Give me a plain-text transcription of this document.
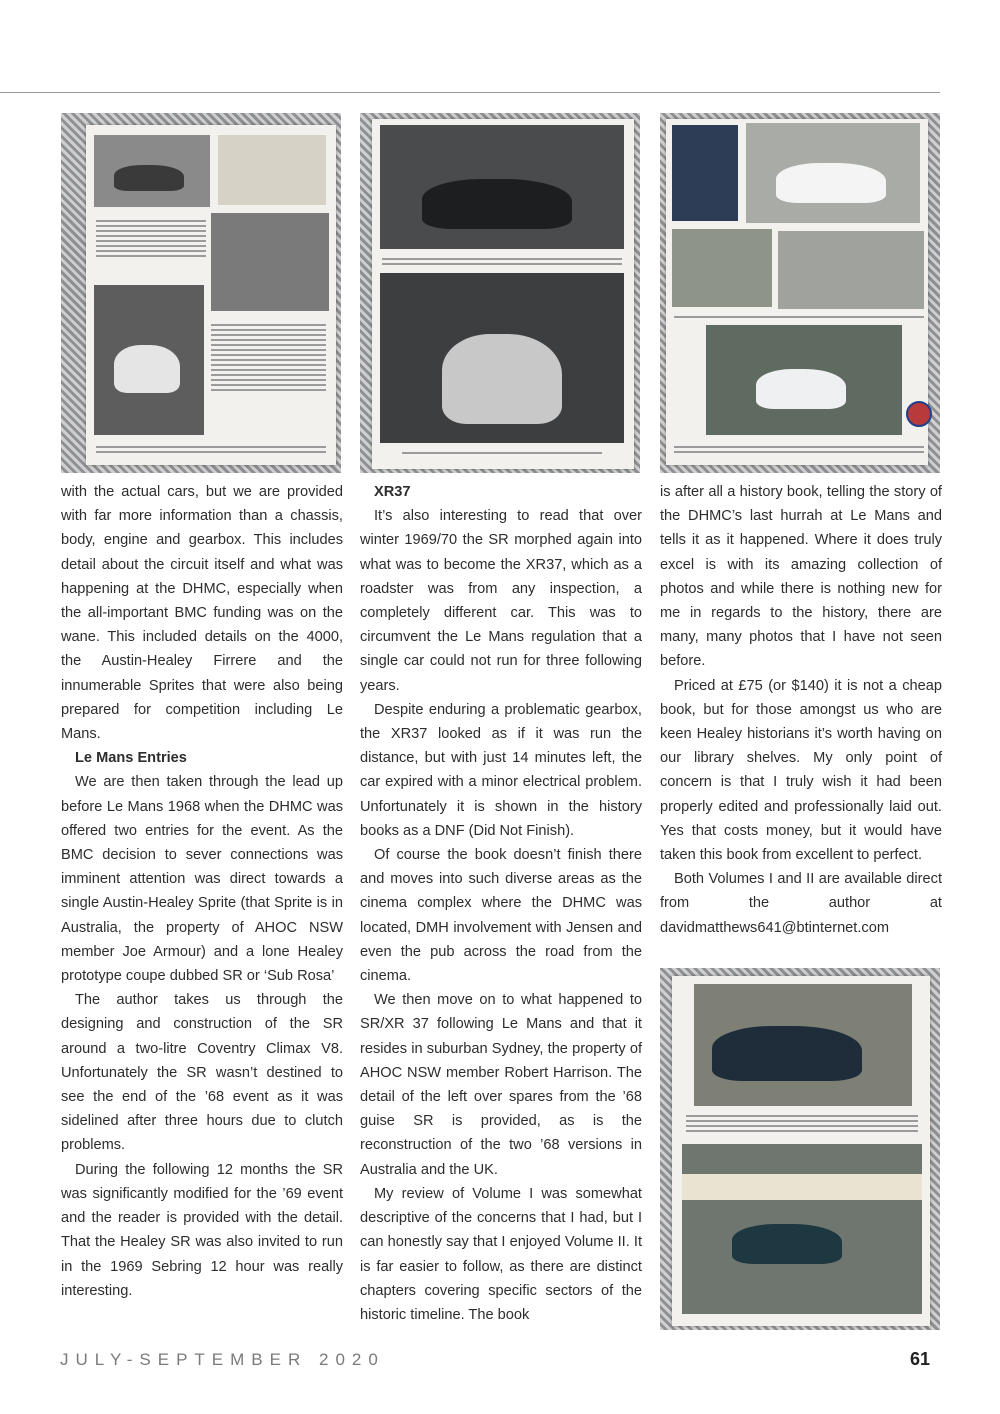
with the actual cars, but we are provided with far more information than a chassis, body, engine and gearbox. This includes detail about the circuit itself and what was happening at the DHMC, especially when the all-important BMC funding was on the wane. This included details on the 4000, the Austin-Healey Firrere and the innumerable Sprites that were also being prepared for competition including Le Mans.

Le Mans Entries

We are then taken through the lead up before Le Mans 1968 when the DHMC was offered two entries for the event. As the BMC decision to sever connections was imminent attention was direct towards a single Austin-Healey Sprite (that Sprite is in Australia, the property of AHOC NSW member Joe Armour) and a lone Healey prototype coupe dubbed SR or ‘Sub Rosa’

The author takes us through the designing and construction of the SR around a two-litre Coventry Climax V8. Unfortunately the SR wasn’t destined to see the end of the ’68 event as it was sidelined after three hours due to clutch problems.

During the following 12 months the SR was significantly modified for the ’69 event and the reader is provided with the detail. That the Healey SR was also invited to run in the 1969 Sebring 12 hour was really interesting.

XR37

It’s also interesting to read that over winter 1969/70 the SR morphed again into what was to become the XR37, which as a roadster was from any inspection, a completely different car. This was to circumvent the Le Mans regulation that a single car could not run for three following years.

Despite enduring a problematic gearbox, the XR37 looked as if it was run the distance, but with just 14 minutes left, the car expired with a minor electrical problem. Unfortunately it is shown in the history books as a DNF (Did Not Finish).

Of course the book doesn’t finish there and moves into such diverse areas as the cinema complex where the DHMC was located, DMH involvement with Jensen and even the pub across the road from the cinema.

We then move on to what happened to SR/XR 37 following Le Mans and that it resides in suburban Sydney, the property of AHOC NSW member Robert Harrison. The detail of the left over spares from the ’68 guise SR is provided, as is the reconstruction of the two ’68 versions in Australia and the UK.

My review of Volume I was somewhat descriptive of the concerns that I had, but I can honestly say that I enjoyed Volume II. It is far easier to follow, as there are distinct chapters covering specific sectors of the historic timeline. The book

is after all a history book, telling the story of the DHMC’s last hurrah at Le Mans and tells it as it happened. Where it does truly excel is with its amazing collection of photos and while there is nothing new for me in regards to the history, there are many, many photos that I have not seen before.

Priced at £75 (or $140) it is not a cheap book, but for those amongst us who are keen Healey historians it’s worth having on our library shelves. My only point of concern is that I truly wish it had been properly edited and professionally laid out. Yes that costs money, but it would have taken this book from excellent to perfect.

Both Volumes I and II are available direct from the author at davidmatthews641@btinternet.com

JULY-SEPTEMBER 2020	61
